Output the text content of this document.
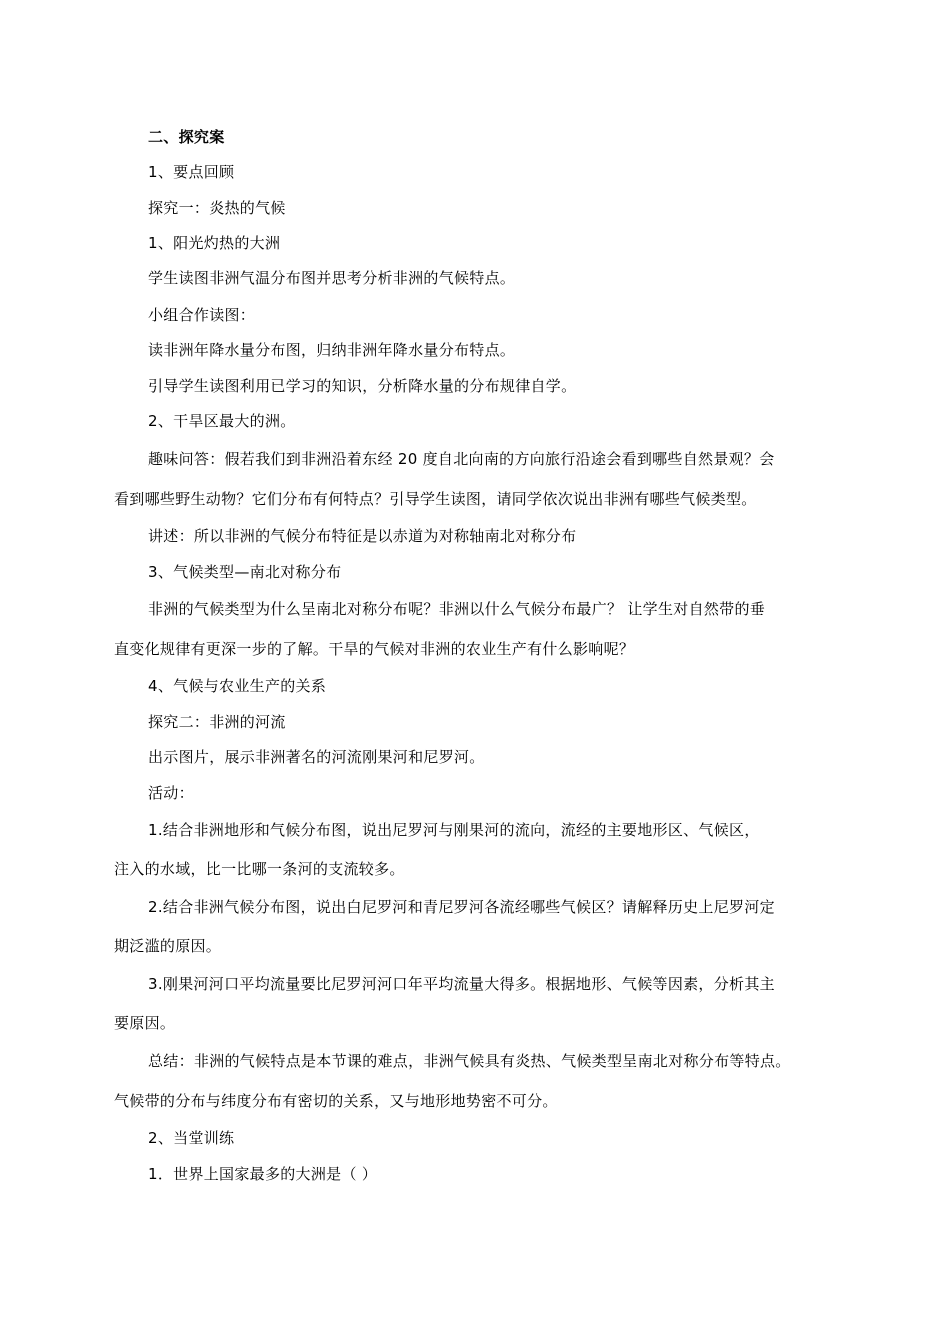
二、探究案
1、要点回顾
探究一：炎热的气候
1、阳光灼热的大洲
学生读图非洲气温分布图并思考分析非洲的气候特点。
小组合作读图：
读非洲年降水量分布图，归纳非洲年降水量分布特点。
引导学生读图利用已学习的知识，分析降水量的分布规律自学。
2、干旱区最大的洲。
趣味问答：假若我们到非洲沿着东经 20 度自北向南的方向旅行沿途会看到哪些自然景观？会
看到哪些野生动物？它们分布有何特点？引导学生读图，请同学依次说出非洲有哪些气候类型。
讲述：所以非洲的气候分布特征是以赤道为对称轴南北对称分布
3、气候类型—南北对称分布
非洲的气候类型为什么呈南北对称分布呢？非洲以什么气候分布最广？ 让学生对自然带的垂
直变化规律有更深一步的了解。干旱的气候对非洲的农业生产有什么影响呢？
4、气候与农业生产的关系
探究二：非洲的河流
出示图片，展示非洲著名的河流刚果河和尼罗河。
活动：
1.结合非洲地形和气候分布图，说出尼罗河与刚果河的流向，流经的主要地形区、气候区，
注入的水域，比一比哪一条河的支流较多。
2.结合非洲气候分布图，说出白尼罗河和青尼罗河各流经哪些气候区？请解释历史上尼罗河定
期泛滥的原因。
3.刚果河河口平均流量要比尼罗河河口年平均流量大得多。根据地形、气候等因素，分析其主
要原因。
总结：非洲的气候特点是本节课的难点，非洲气候具有炎热、气候类型呈南北对称分布等特点。
气候带的分布与纬度分布有密切的关系，又与地形地势密不可分。
2、当堂训练
1．世界上国家最多的大洲是（ ）
